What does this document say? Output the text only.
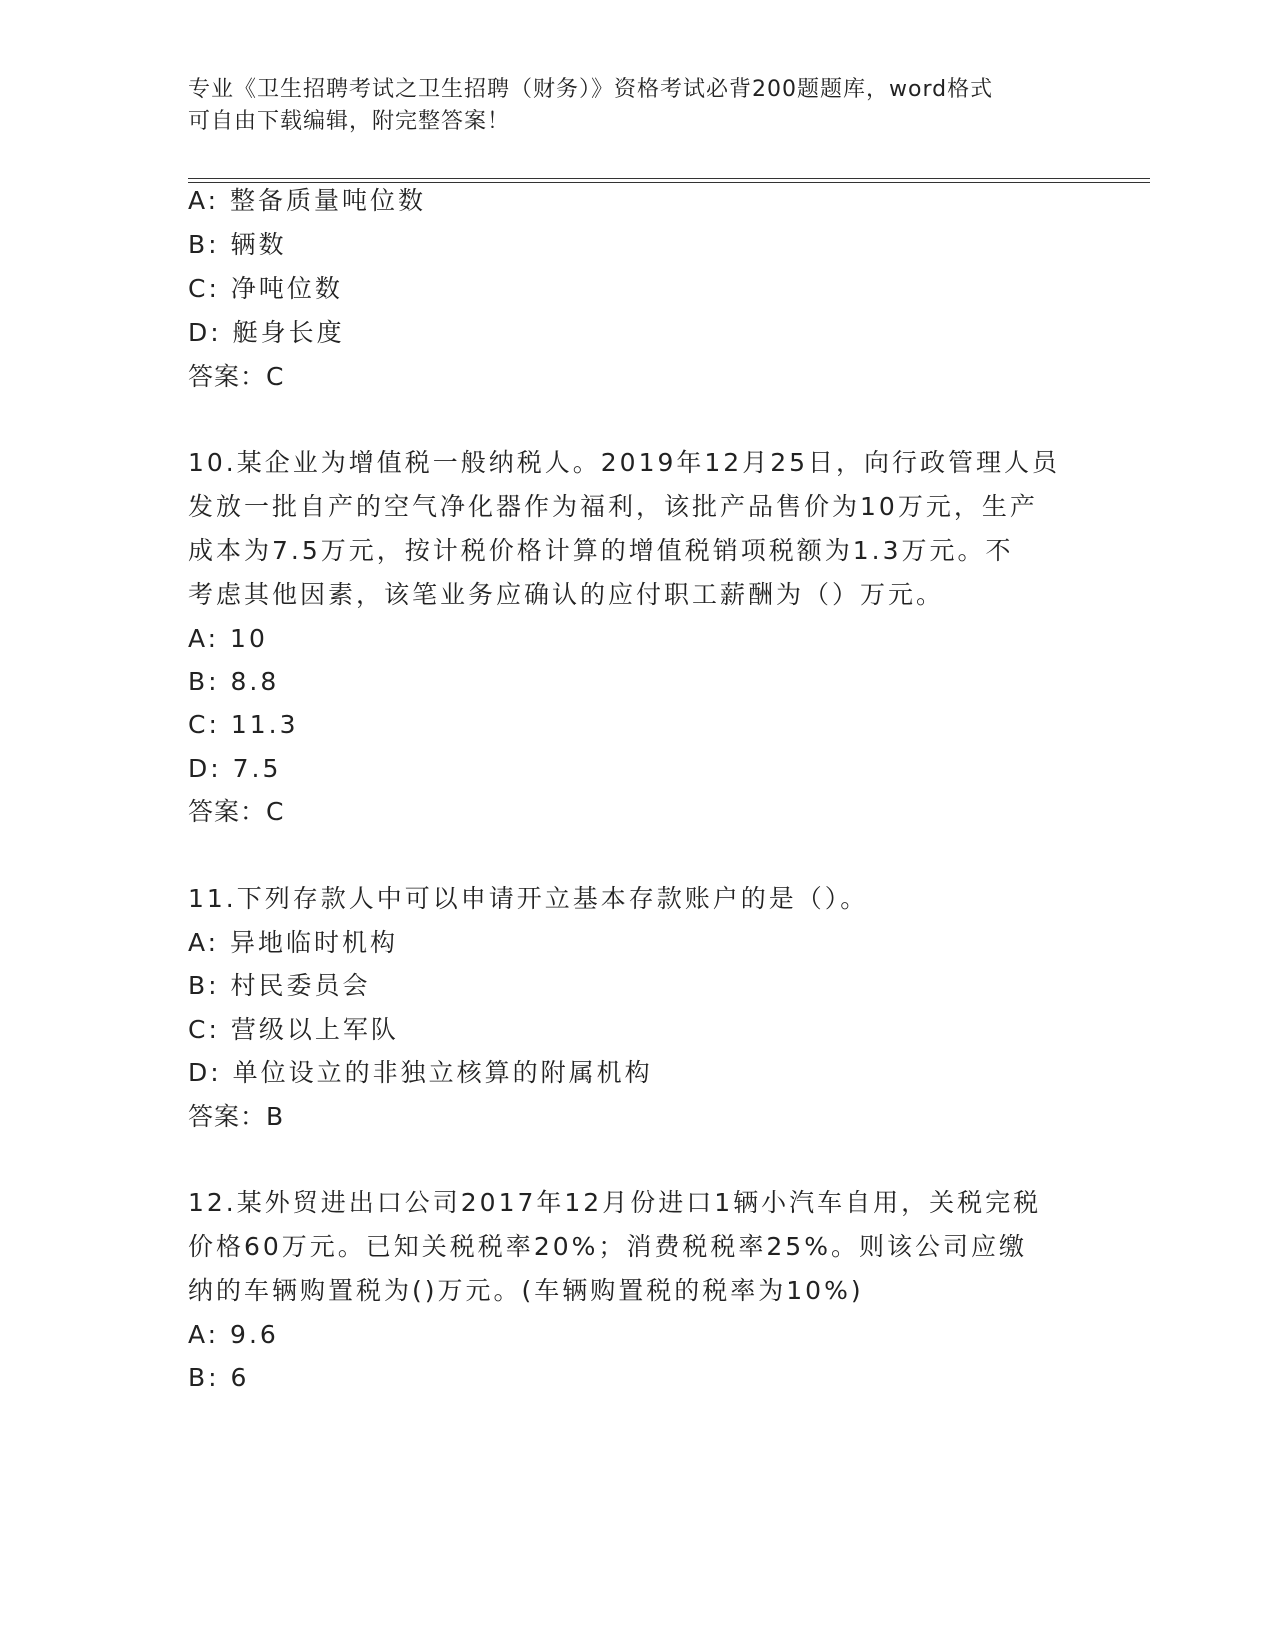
专业《卫生招聘考试之卫生招聘（财务）》资格考试必背200题题库，word格式
可自由下载编辑，附完整答案！
A: 整备质量吨位数
B: 辆数
C: 净吨位数
D: 艇身长度
答案：C
10.某企业为增值税一般纳税人。2019年12月25日，向行政管理人员
发放一批自产的空气净化器作为福利，该批产品售价为10万元，生产
成本为7.5万元，按计税价格计算的增值税销项税额为1.3万元。不
考虑其他因素，该笔业务应确认的应付职工薪酬为（）万元。
A: 10
B: 8.8
C: 11.3
D: 7.5
答案：C
11.下列存款人中可以申请开立基本存款账户的是（）。
A: 异地临时机构
B: 村民委员会
C: 营级以上军队
D: 单位设立的非独立核算的附属机构
答案：B
12.某外贸进出口公司2017年12月份进口1辆小汽车自用，关税完税
价格60万元。已知关税税率20%；消费税税率25%。则该公司应缴
纳的车辆购置税为()万元。(车辆购置税的税率为10%)
A: 9.6
B: 6
